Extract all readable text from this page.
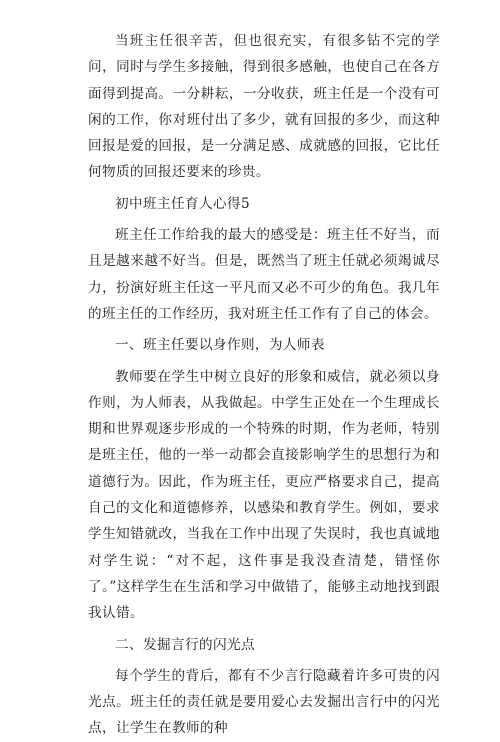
当班主任很辛苦，但也很充实，有很多钻不完的学问，同时与学生多接触，得到很多感触，也使自己在各方面得到提高。一分耕耘，一分收获，班主任是一个没有可闲的工作，你对班付出了多少，就有回报的多少，而这种回报是爱的回报，是一分满足感、成就感的回报，它比任何物质的回报还要来的珍贵。

初中班主任育人心得5

班主任工作给我的最大的感受是：班主任不好当，而且是越来越不好当。但是，既然当了班主任就必须竭诚尽力，扮演好班主任这一平凡而又必不可少的角色。我几年的班主任的工作经历，我对班主任工作有了自己的体会。

一、班主任要以身作则，为人师表

教师要在学生中树立良好的形象和威信，就必须以身作则，为人师表，从我做起。中学生正处在一个生理成长期和世界观逐步形成的一个特殊的时期，作为老师，特别是班主任，他的一举一动都会直接影响学生的思想行为和道德行为。因此，作为班主任，更应严格要求自己，提高自己的文化和道德修养，以感染和教育学生。例如，要求学生知错就改，当我在工作中出现了失误时，我也真诚地对学生说：“对不起，这件事是我没查清楚，错怪你了。”这样学生在生活和学习中做错了，能够主动地找到跟我认错。

二、发掘言行的闪光点

每个学生的背后，都有不少言行隐藏着许多可贵的闪光点。班主任的责任就是要用爱心去发掘出言行中的闪光点，让学生在教师的种
